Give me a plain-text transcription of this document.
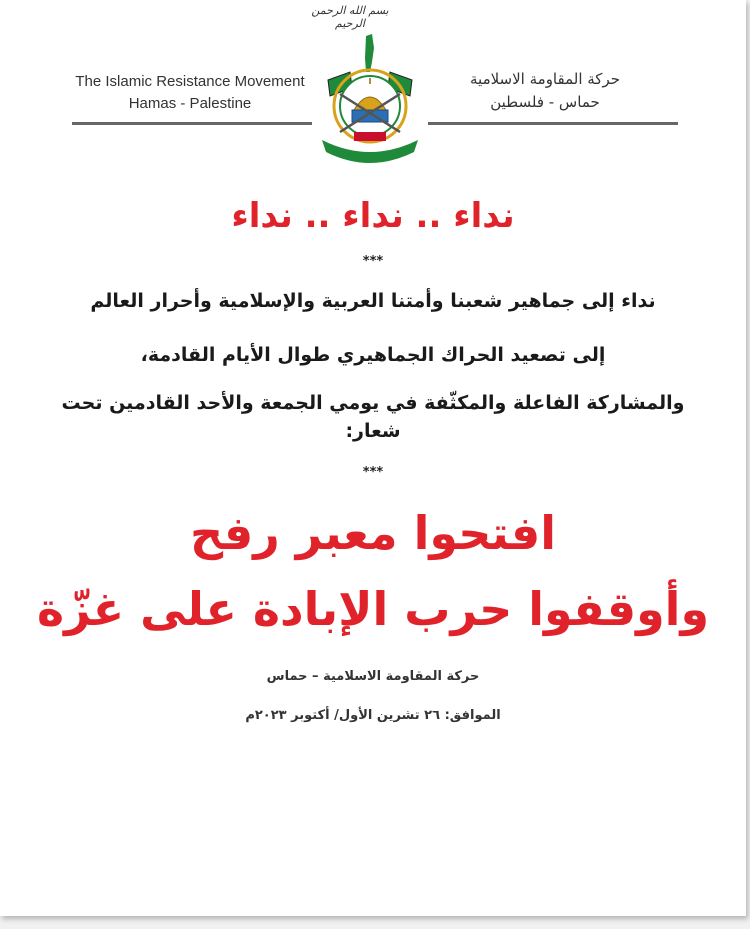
بسم الله الرحمن الرحيم
The Islamic Resistance Movement
Hamas - Palestine
حركة المقاومة الاسلامية
حماس - فلسطين
نداء .. نداء .. نداء
***
نداء إلى جماهير شعبنا وأمتنا العربية والإسلامية وأحرار العالم
إلى تصعيد الحراك الجماهيري طوال الأيام القادمة،
والمشاركة الفاعلة والمكثّفة في يومي الجمعة والأحد القادمين تحت
شعار:
***
افتحوا معبر رفح
وأوقفوا حرب الإبادة على غزّة
حركة المقاومة الاسلامية – حماس
الموافق: ٢٦ تشرين الأول/ أكتوبر ٢٠٢٣م
